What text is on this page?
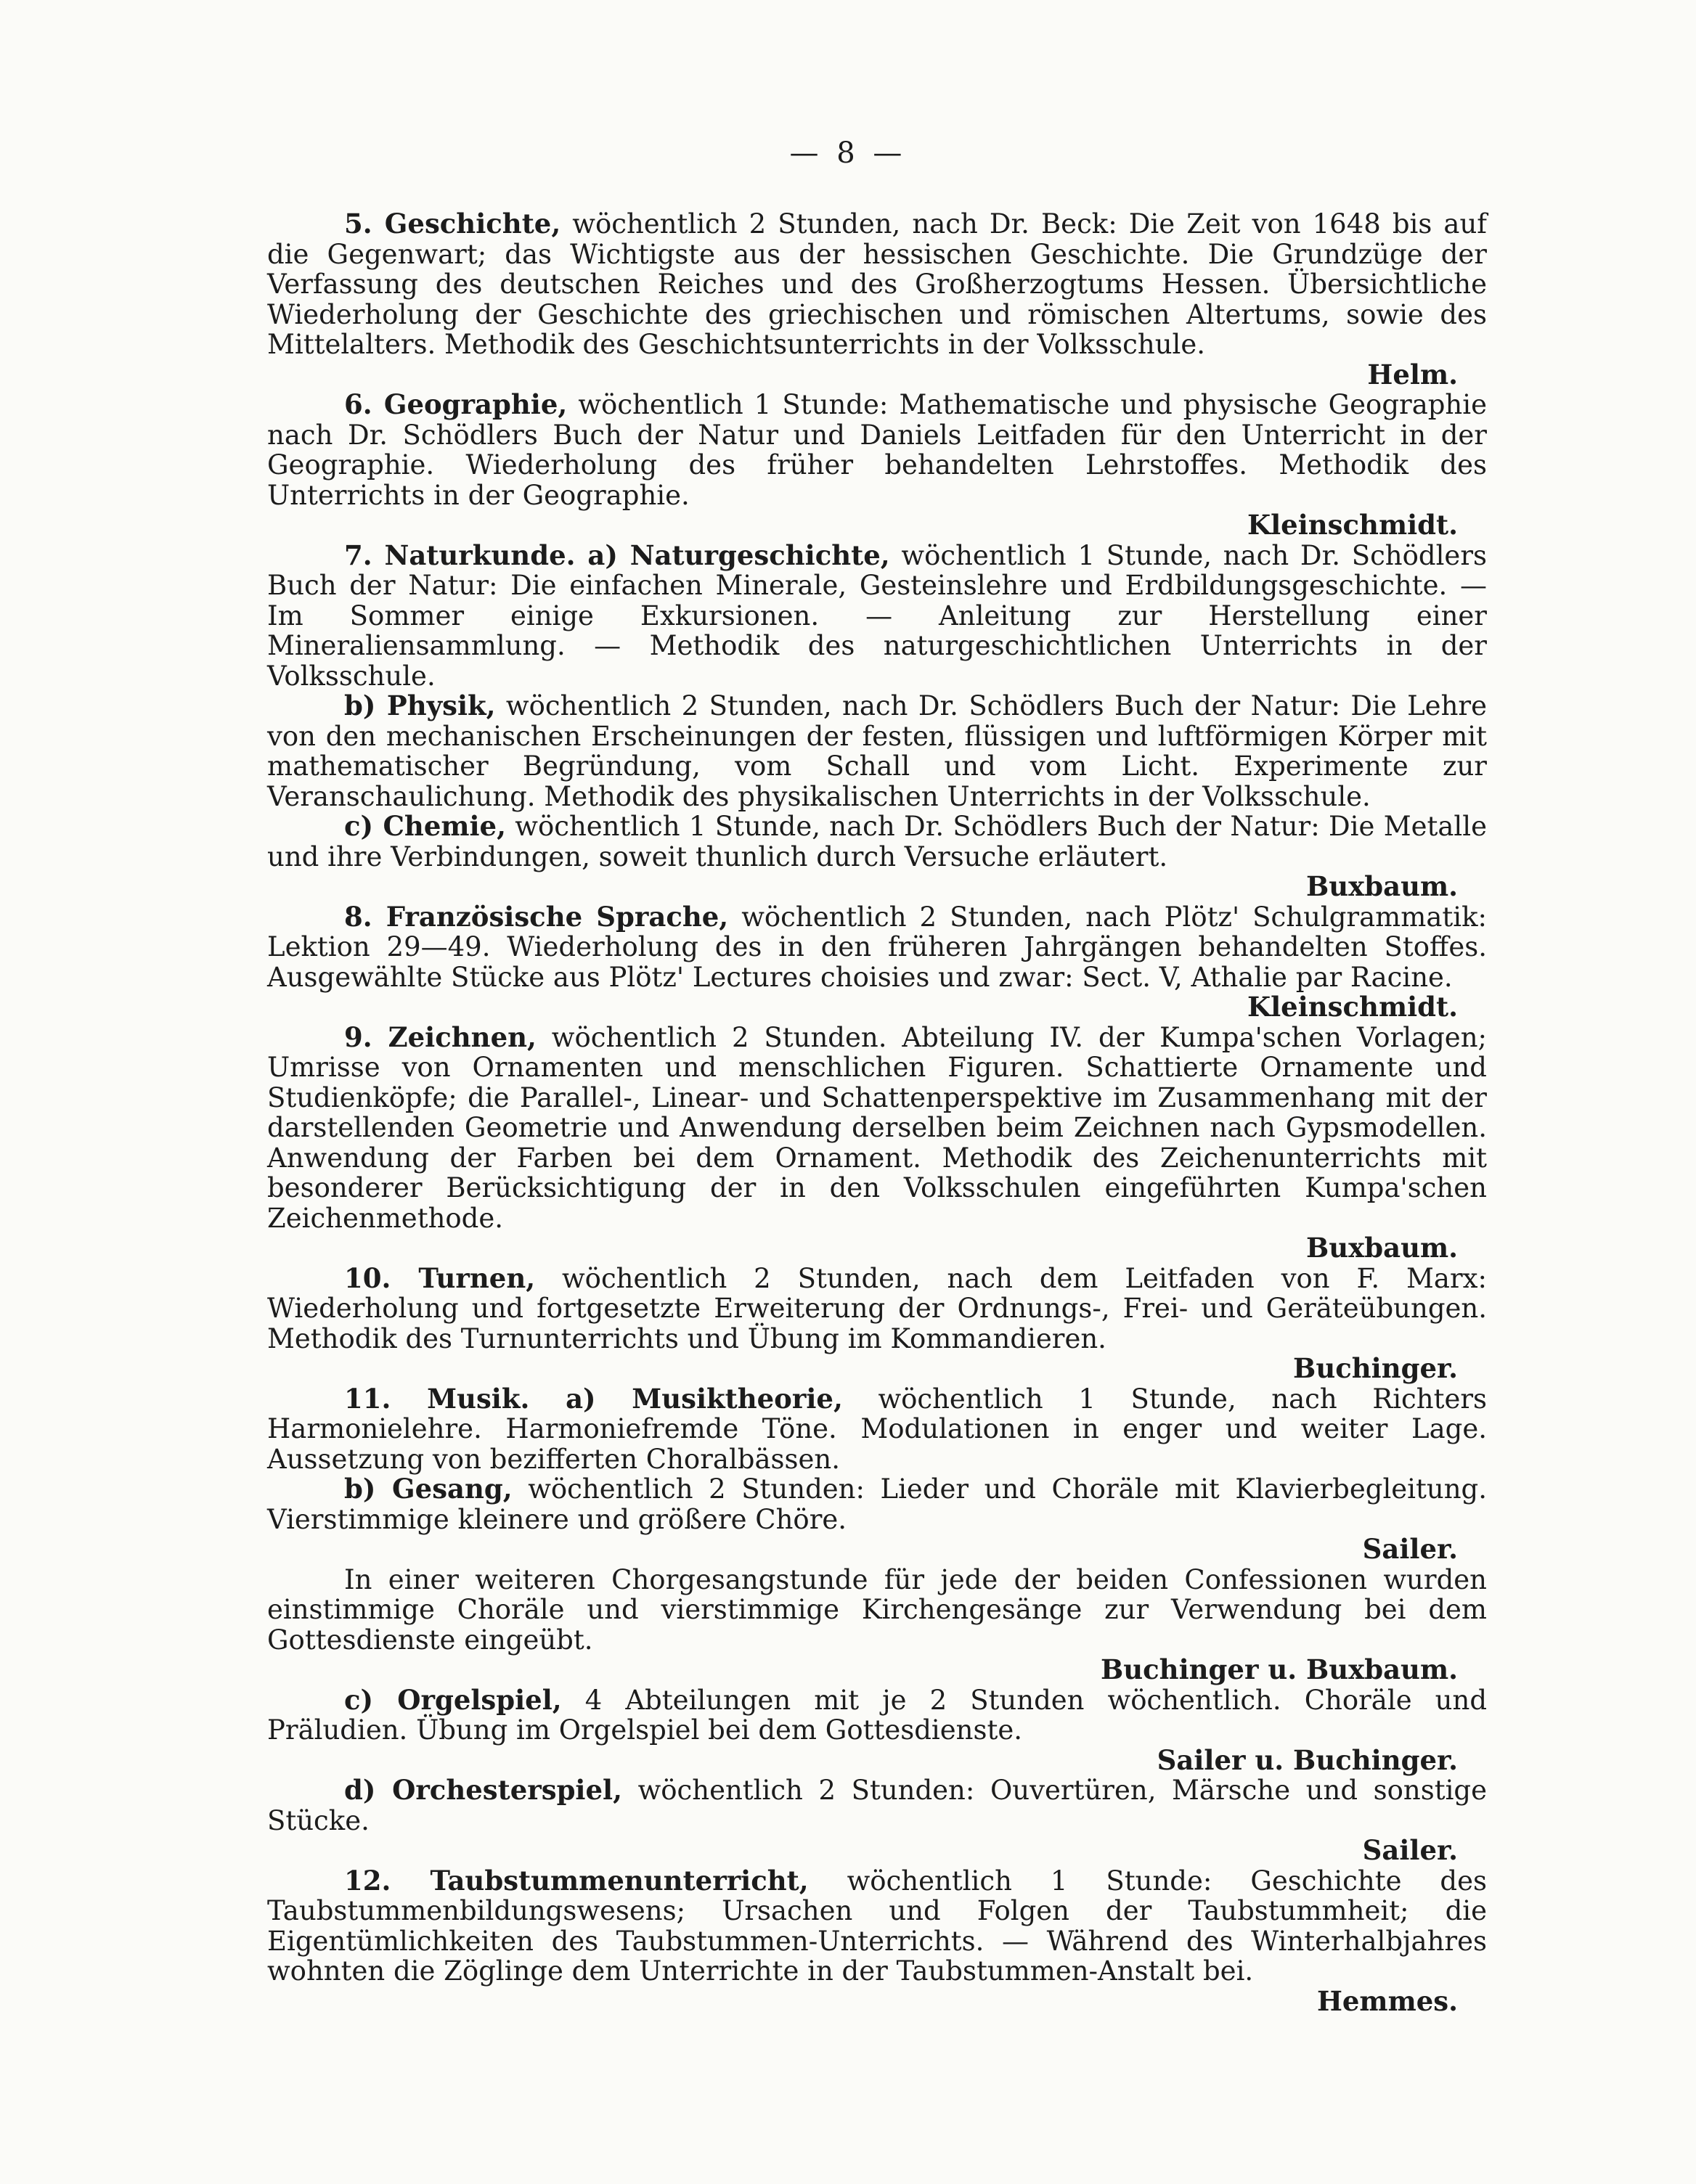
— 8 —

5. Geschichte, wöchentlich 2 Stunden, nach Dr. Beck: Die Zeit von 1648 bis auf die Gegenwart; das Wichtigste aus der hessischen Geschichte. Die Grundzüge der Verfassung des deutschen Reiches und des Großherzogtums Hessen. Übersichtliche Wiederholung der Geschichte des griechischen und römischen Altertums, sowie des Mittelalters. Methodik des Geschichtsunterrichts in der Volksschule.

Helm.

6. Geographie, wöchentlich 1 Stunde: Mathematische und physische Geographie nach Dr. Schödlers Buch der Natur und Daniels Leitfaden für den Unterricht in der Geographie. Wiederholung des früher behandelten Lehrstoffes. Methodik des Unterrichts in der Geographie.

Kleinschmidt.

7. Naturkunde. a) Naturgeschichte, wöchentlich 1 Stunde, nach Dr. Schödlers Buch der Natur: Die einfachen Minerale, Gesteinslehre und Erdbildungsgeschichte. — Im Sommer einige Exkursionen. — Anleitung zur Herstellung einer Mineraliensammlung. — Methodik des naturgeschichtlichen Unterrichts in der Volksschule.

b) Physik, wöchentlich 2 Stunden, nach Dr. Schödlers Buch der Natur: Die Lehre von den mechanischen Erscheinungen der festen, flüssigen und luftförmigen Körper mit mathematischer Begründung, vom Schall und vom Licht. Experimente zur Veranschaulichung. Methodik des physikalischen Unterrichts in der Volksschule.

c) Chemie, wöchentlich 1 Stunde, nach Dr. Schödlers Buch der Natur: Die Metalle und ihre Verbindungen, soweit thunlich durch Versuche erläutert.

Buxbaum.

8. Französische Sprache, wöchentlich 2 Stunden, nach Plötz' Schulgrammatik: Lektion 29—49. Wiederholung des in den früheren Jahrgängen behandelten Stoffes. Ausgewählte Stücke aus Plötz' Lectures choisies und zwar: Sect. V, Athalie par Racine.

Kleinschmidt.

9. Zeichnen, wöchentlich 2 Stunden. Abteilung IV. der Kumpa'schen Vorlagen; Umrisse von Ornamenten und menschlichen Figuren. Schattierte Ornamente und Studienköpfe; die Parallel-, Linear- und Schattenperspektive im Zusammenhang mit der darstellenden Geometrie und Anwendung derselben beim Zeichnen nach Gypsmodellen. Anwendung der Farben bei dem Ornament. Methodik des Zeichenunterrichts mit besonderer Berücksichtigung der in den Volksschulen eingeführten Kumpa'schen Zeichenmethode.

Buxbaum.

10. Turnen, wöchentlich 2 Stunden, nach dem Leitfaden von F. Marx: Wiederholung und fortgesetzte Erweiterung der Ordnungs-, Frei- und Geräteübungen. Methodik des Turnunterrichts und Übung im Kommandieren.

Buchinger.

11. Musik. a) Musiktheorie, wöchentlich 1 Stunde, nach Richters Harmonielehre. Harmoniefremde Töne. Modulationen in enger und weiter Lage. Aussetzung von bezifferten Choralbässen.

b) Gesang, wöchentlich 2 Stunden: Lieder und Choräle mit Klavierbegleitung. Vierstimmige kleinere und größere Chöre.

Sailer.

In einer weiteren Chorgesangstunde für jede der beiden Confessionen wurden einstimmige Choräle und vierstimmige Kirchengesänge zur Verwendung bei dem Gottesdienste eingeübt.

Buchinger u. Buxbaum.

c) Orgelspiel, 4 Abteilungen mit je 2 Stunden wöchentlich. Choräle und Präludien. Übung im Orgelspiel bei dem Gottesdienste.

Sailer u. Buchinger.

d) Orchesterspiel, wöchentlich 2 Stunden: Ouvertüren, Märsche und sonstige Stücke.

Sailer.

12. Taubstummenunterricht, wöchentlich 1 Stunde: Geschichte des Taubstummenbildungswesens; Ursachen und Folgen der Taubstummheit; die Eigentümlichkeiten des Taubstummen-Unterrichts. — Während des Winterhalbjahres wohnten die Zöglinge dem Unterrichte in der Taubstummen-Anstalt bei.

Hemmes.
